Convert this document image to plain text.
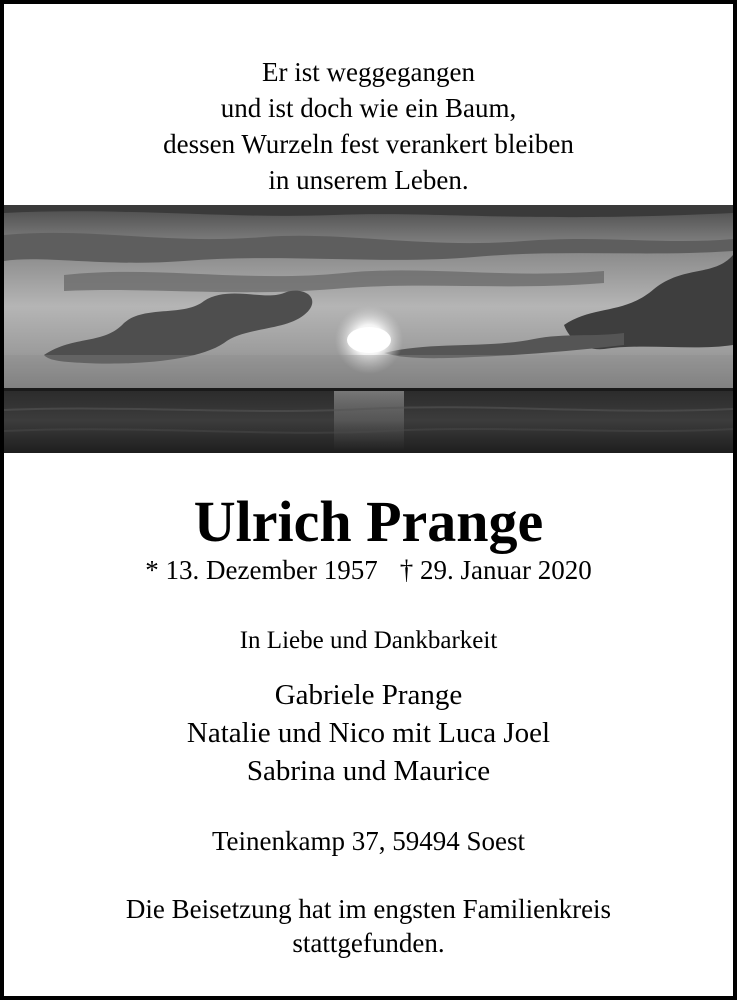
Er ist weggegangen
und ist doch wie ein Baum,
dessen Wurzeln fest verankert bleiben
in unserem Leben.
Ulrich Prange
* 13. Dezember 1957 † 29. Januar 2020
In Liebe und Dankbarkeit
Gabriele Prange
Natalie und Nico mit Luca Joel
Sabrina und Maurice
Teinenkamp 37, 59494 Soest
Die Beisetzung hat im engsten Familienkreis
stattgefunden.
